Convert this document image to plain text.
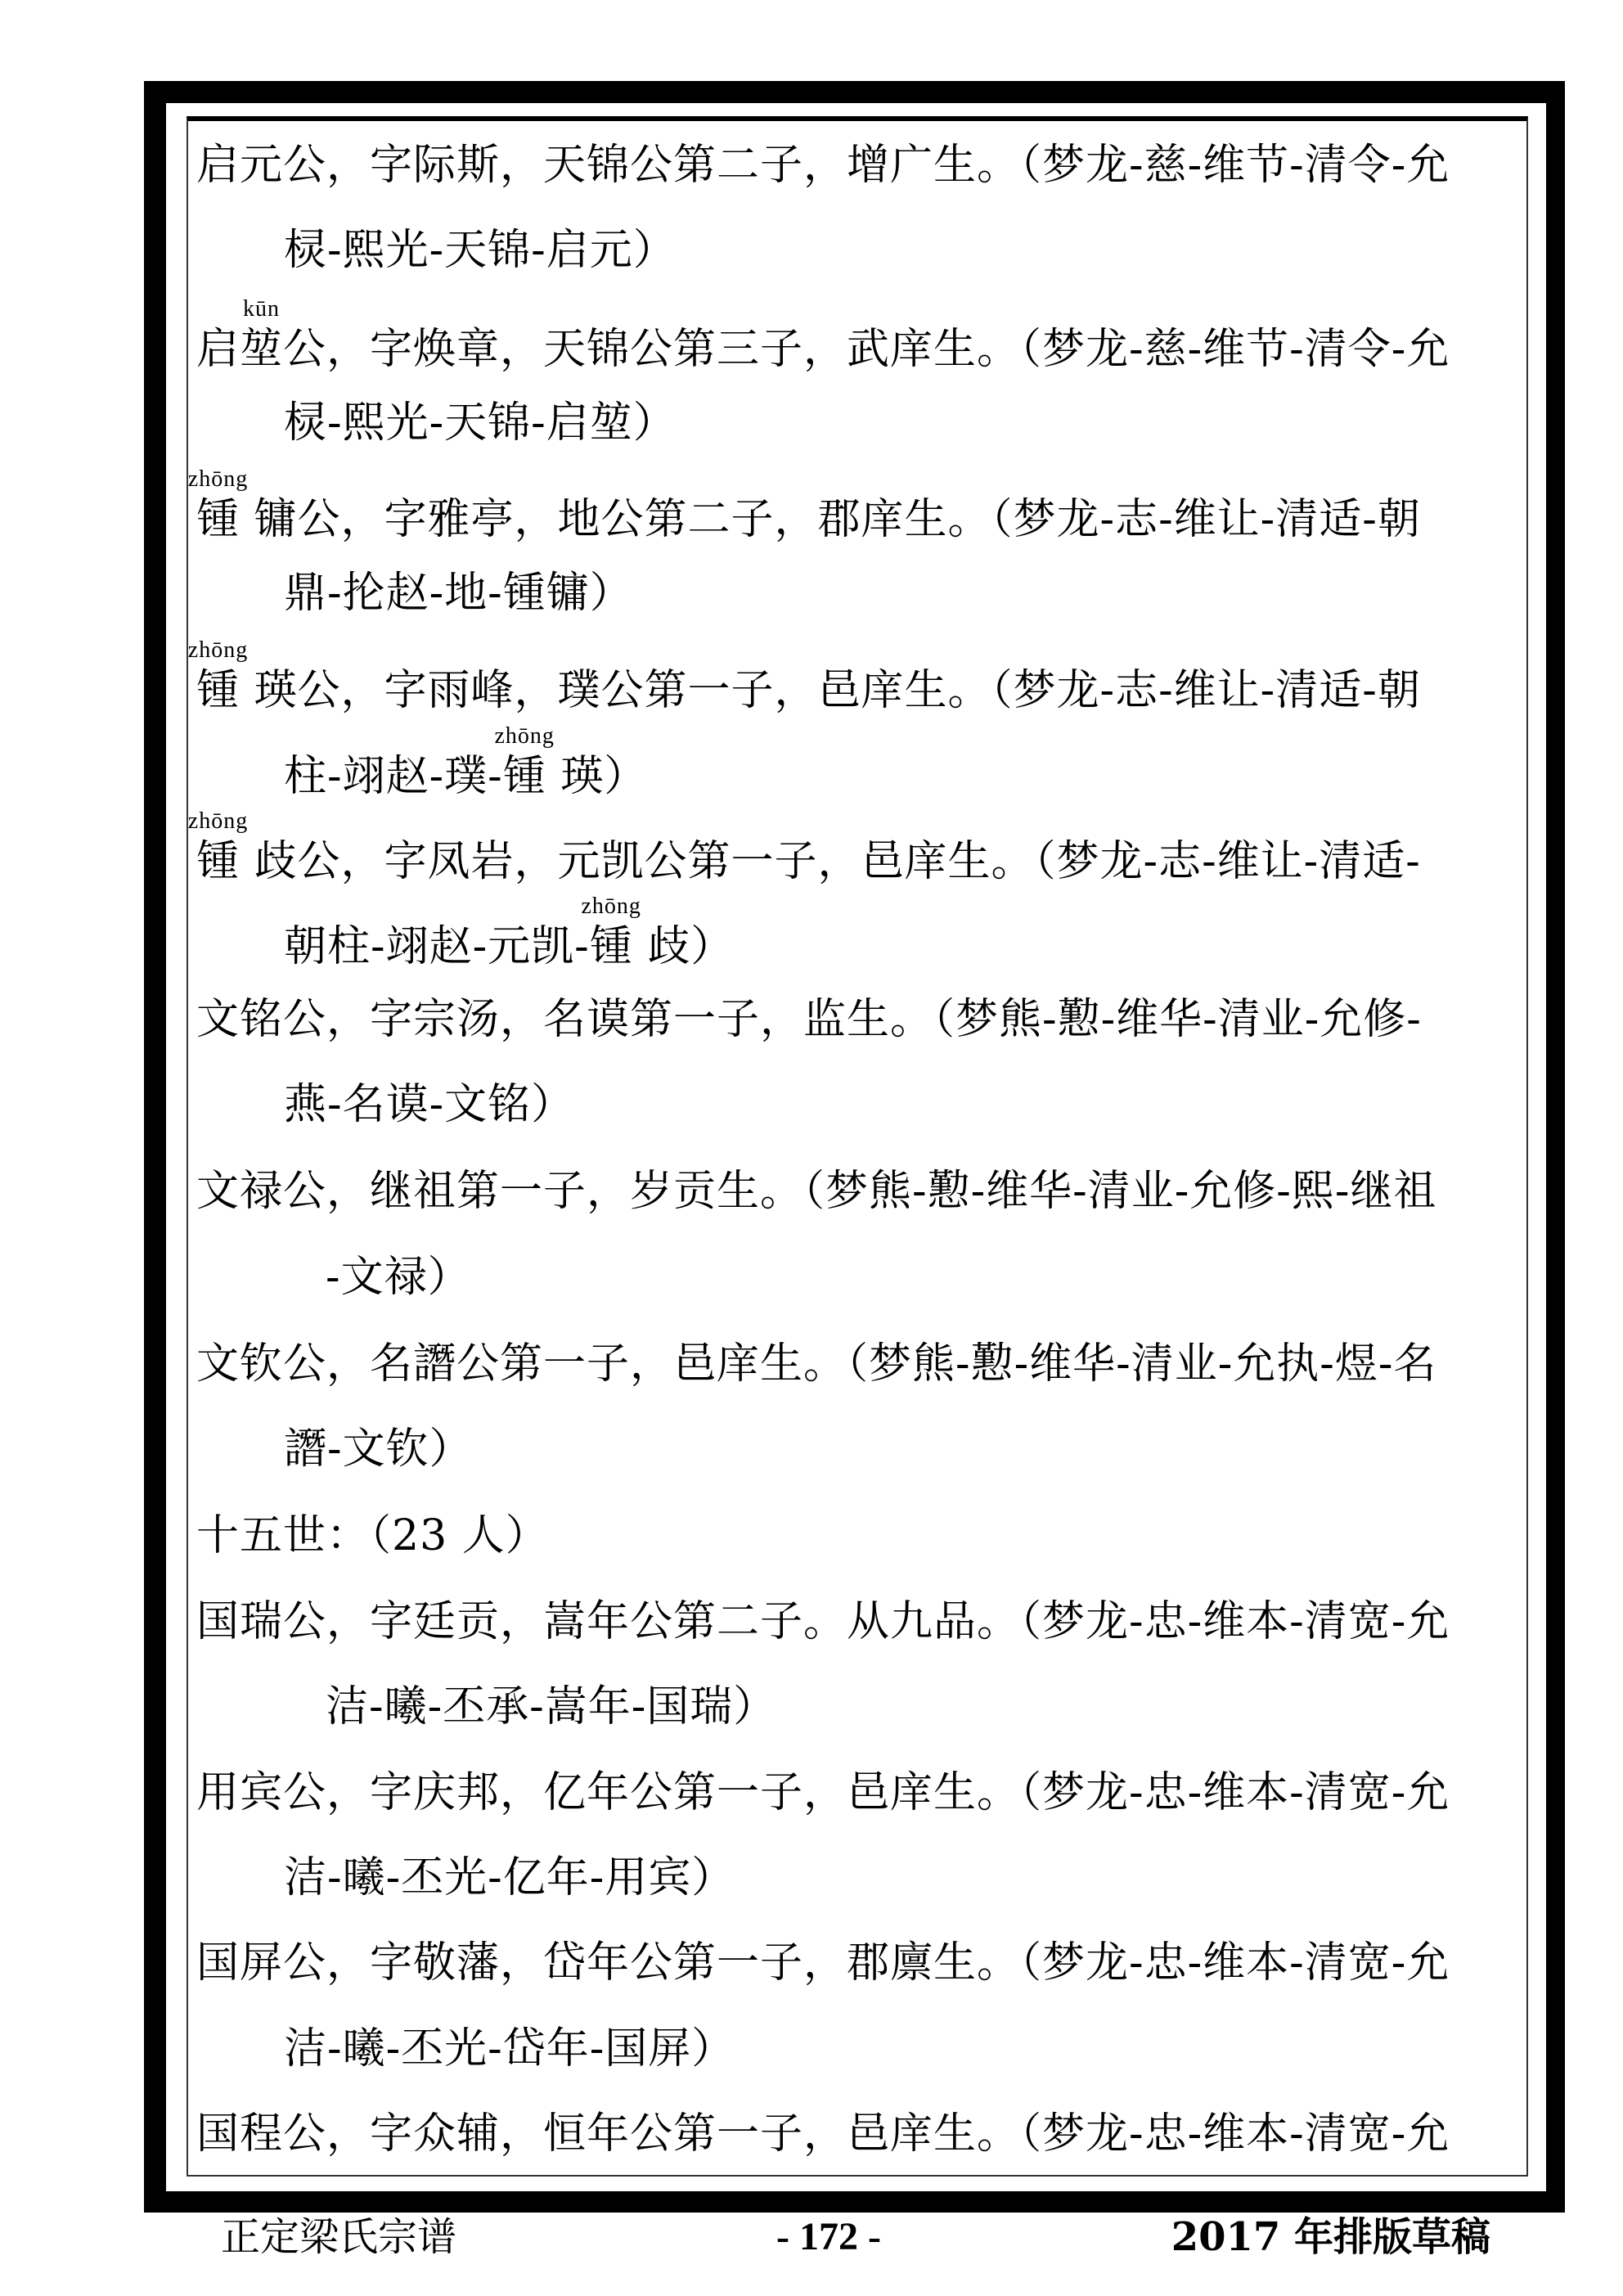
启元公，字际斯，天锦公第二子，增广生。（梦龙-慈-维节-清令-允
棂-熙光-天锦-启元）
启堃
kūn
公，字焕章，天锦公第三子，武庠生。（梦龙-慈-维节-清令-允
棂-熙光-天锦-启堃）
锺
zhōng
镛公，字雅亭，地公第二子，郡庠生。（梦龙-志-维让-清适-朝
鼎-抡赵-地-锺镛）
锺
zhōng
瑛公，字雨峰，璞公第一子，邑庠生。（梦龙-志-维让-清适-朝
柱-翊赵-璞-锺
zhōng
瑛）
锺
zhōng
歧公，字凤岩，元凯公第一子，邑庠生。（梦龙-志-维让-清适-
朝柱-翊赵-元凯-锺
zhōng
歧）
文铭公，字宗汤，名谟第一子，监生。（梦熊-懃-维华-清业-允修-
燕-名谟-文铭）
文禄公，继祖第一子，岁贡生。（梦熊-懃-维华-清业-允修-熙-继祖
-文禄）
文钦公，名譖公第一子，邑庠生。（梦熊-懃-维华-清业-允执-煜-名
譖-文钦）
十五世：（23 人）
国瑞公，字廷贡，嵩年公第二子。从九品。（梦龙-忠-维本-清宽-允
洁-曦-丕承-嵩年-国瑞）
用宾公，字庆邦，亿年公第一子，邑庠生。（梦龙-忠-维本-清宽-允
洁-曦-丕光-亿年-用宾）
国屏公，字敬藩，岱年公第一子，郡廪生。（梦龙-忠-维本-清宽-允
洁-曦-丕光-岱年-国屏）
国程公，字众辅，恒年公第一子，邑庠生。（梦龙-忠-维本-清宽-允
正定梁氏宗谱	- 172 -	2017 年排版草稿
